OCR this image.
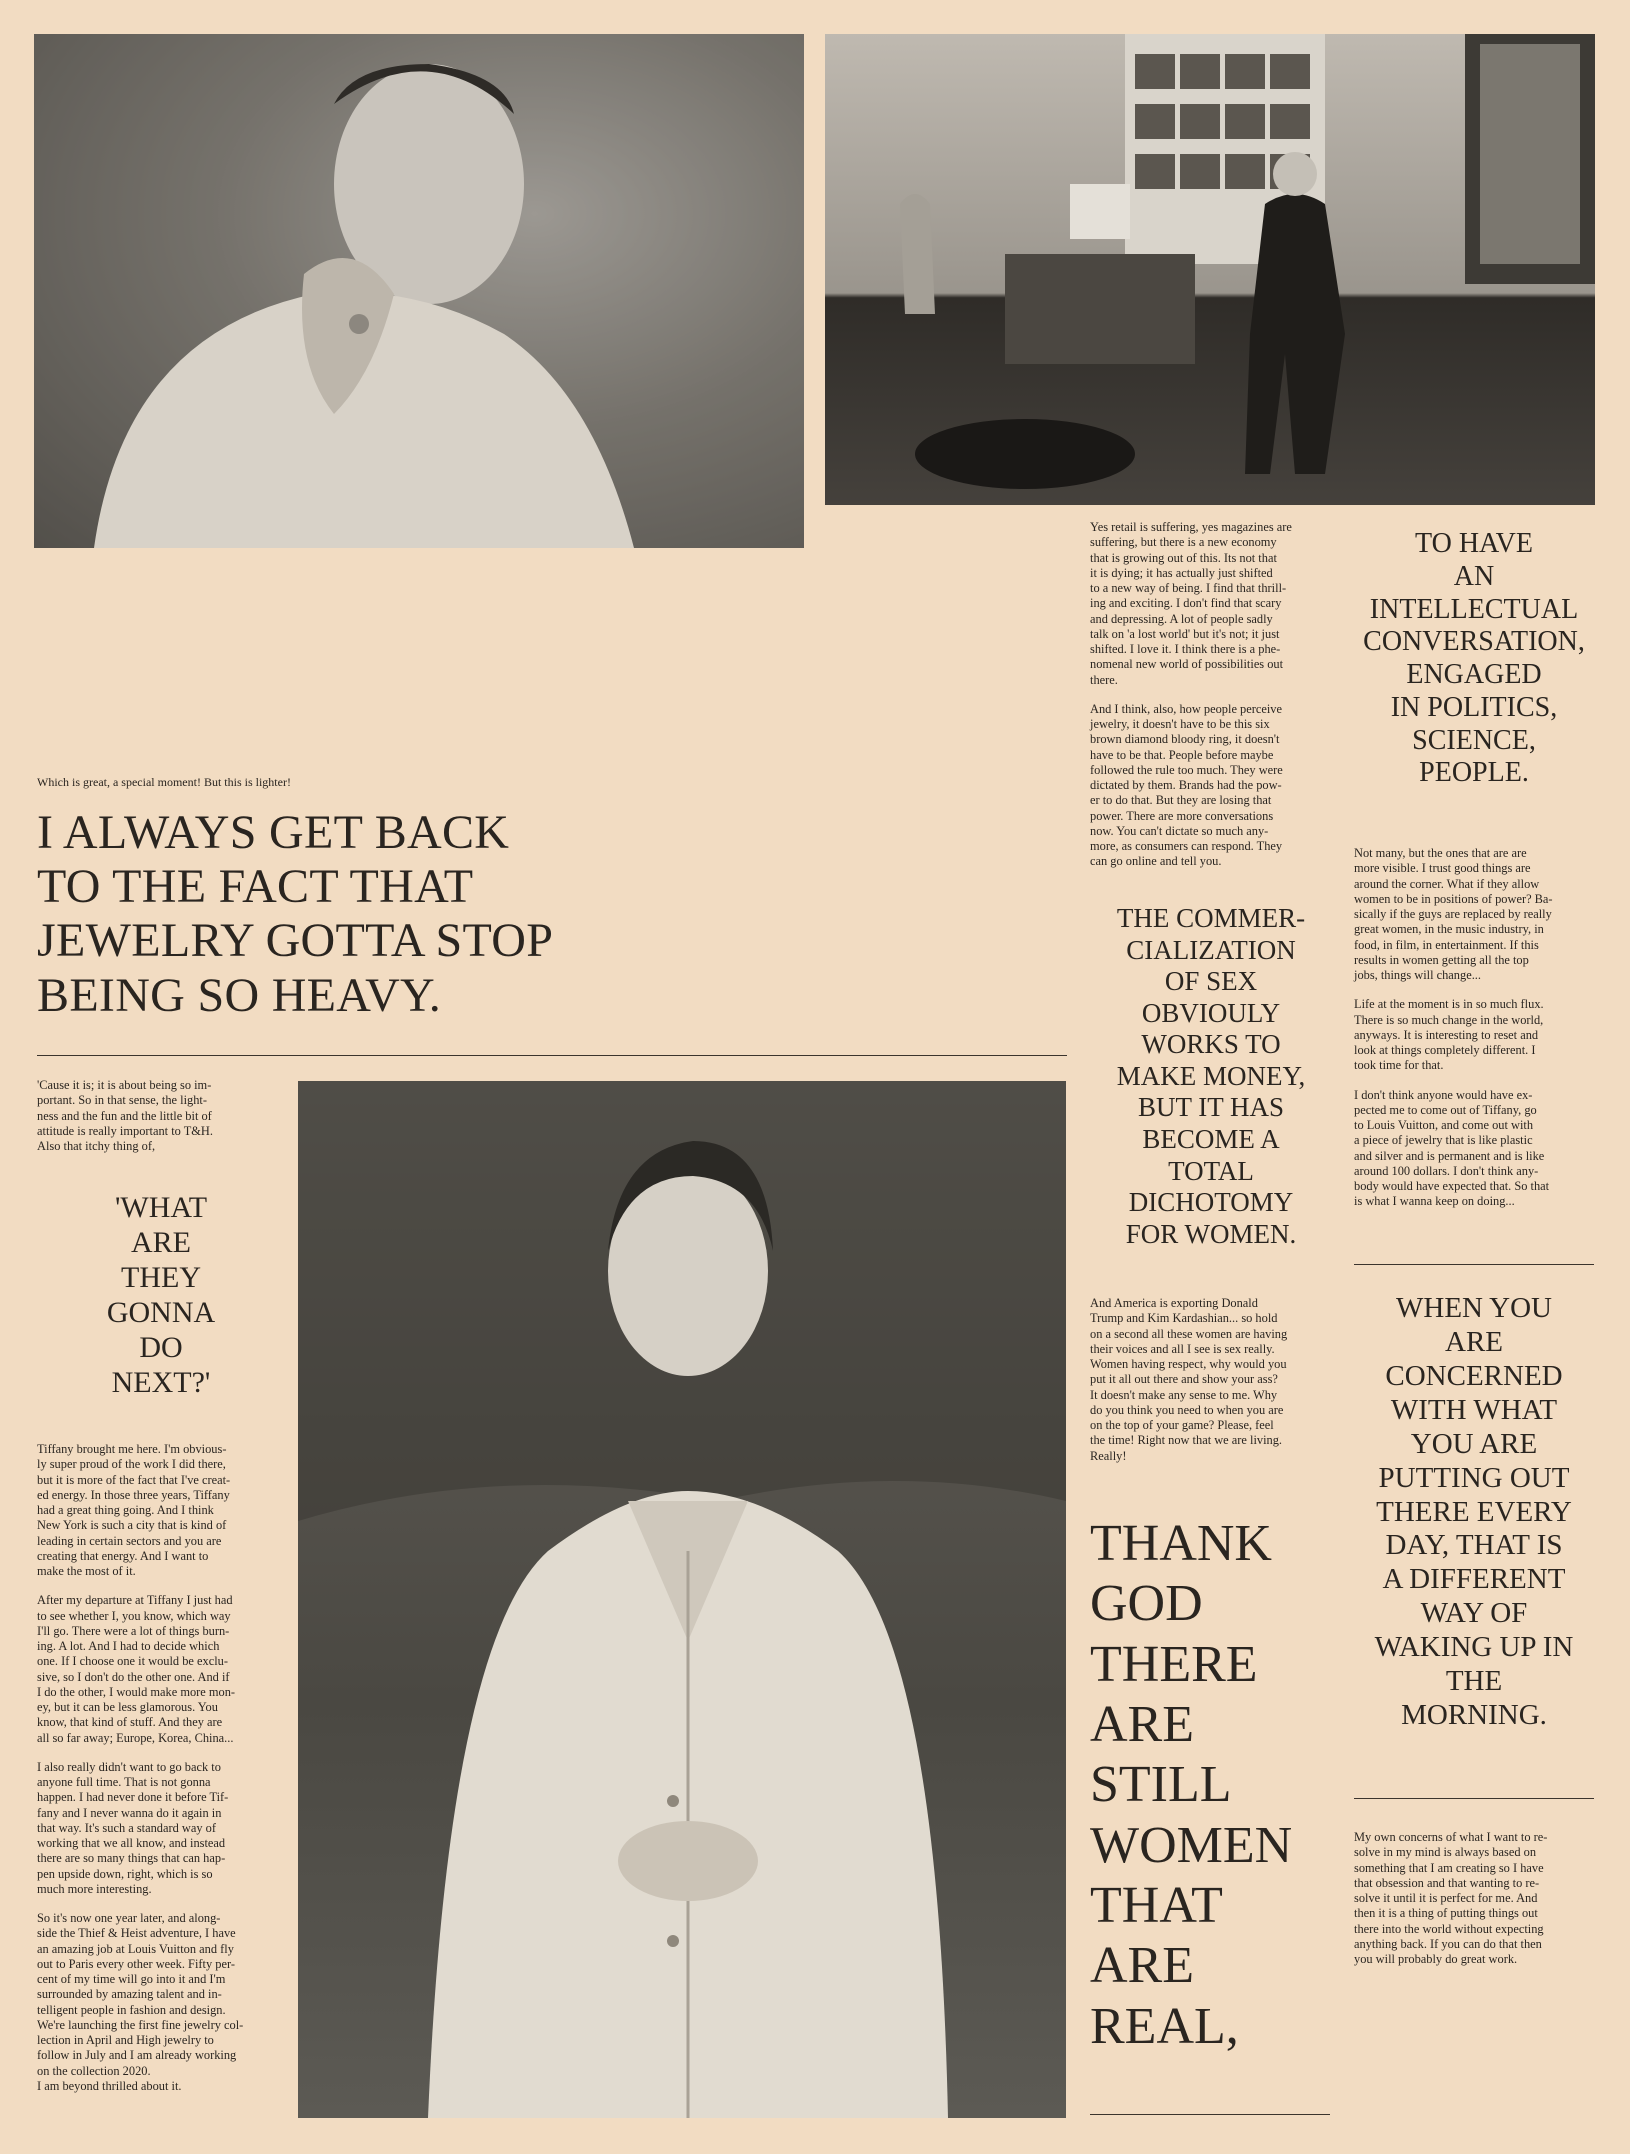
Which is great, a special moment! But this is lighter!

I ALWAYS GET BACK
TO THE FACT THAT
JEWELRY GOTTA STOP
BEING SO HEAVY.

'Cause it is; it is about being so im-
portant. So in that sense, the light-
ness and the fun and the little bit of
attitude is really important to T&H.
Also that itchy thing of,

'WHAT
ARE
THEY
GONNA
DO
NEXT?'

Tiffany brought me here. I'm obvious-
ly super proud of the work I did there,
but it is more of the fact that I've creat-
ed energy. In those three years, Tiffany
had a great thing going. And I think
New York is such a city that is kind of
leading in certain sectors and you are
creating that energy. And I want to
make the most of it.

After my departure at Tiffany I just had
to see whether I, you know, which way
I'll go. There were a lot of things burn-
ing. A lot. And I had to decide which
one. If I choose one it would be exclu-
sive, so I don't do the other one. And if
I do the other, I would make more mon-
ey, but it can be less glamorous. You
know, that kind of stuff. And they are
all so far away; Europe, Korea, China...

I also really didn't want to go back to
anyone full time. That is not gonna
happen. I had never done it before Tif-
fany and I never wanna do it again in
that way. It's such a standard way of
working that we all know, and instead
there are so many things that can hap-
pen upside down, right, which is so
much more interesting.

So it's now one year later, and along-
side the Thief & Heist adventure, I have
an amazing job at Louis Vuitton and fly
out to Paris every other week. Fifty per-
cent of my time will go into it and I'm
surrounded by amazing talent and in-
telligent people in fashion and design.
We're launching the first fine jewelry col-
lection in April and High jewelry to
follow in July and I am already working
on the collection 2020.
I am beyond thrilled about it.

Yes retail is suffering, yes magazines are
suffering, but there is a new economy
that is growing out of this. Its not that
it is dying; it has actually just shifted
to a new way of being. I find that thrill-
ing and exciting. I don't find that scary
and depressing. A lot of people sadly
talk on 'a lost world' but it's not; it just
shifted. I love it. I think there is a phe-
nomenal new world of possibilities out
there.

And I think, also, how people perceive
jewelry, it doesn't have to be this six
brown diamond bloody ring, it doesn't
have to be that. People before maybe
followed the rule too much. They were
dictated by them. Brands had the pow-
er to do that. But they are losing that
power. There are more conversations
now. You can't dictate so much any-
more, as consumers can respond. They
can go online and tell you.

THE COMMER-
CIALIZATION
OF SEX
OBVIOULY
WORKS TO
MAKE MONEY,
BUT IT HAS
BECOME A
TOTAL
DICHOTOMY
FOR WOMEN.

And America is exporting Donald
Trump and Kim Kardashian... so hold
on a second all these women are having
their voices and all I see is sex really.
Women having respect, why would you
put it all out there and show your ass?
It doesn't make any sense to me. Why
do you think you need to when you are
on the top of your game? Please, feel
the time! Right now that we are living.
Really!

THANK
GOD
THERE
ARE
STILL
WOMEN
THAT
ARE
REAL,

TO HAVE
AN
INTELLECTUAL
CONVERSATION,
ENGAGED
IN POLITICS,
SCIENCE,
PEOPLE.

Not many, but the ones that are are
more visible. I trust good things are
around the corner. What if they allow
women to be in positions of power? Ba-
sically if the guys are replaced by really
great women, in the music industry, in
food, in film, in entertainment. If this
results in women getting all the top
jobs, things will change...

Life at the moment is in so much flux.
There is so much change in the world,
anyways. It is interesting to reset and
look at things completely different. I
took time for that.

I don't think anyone would have ex-
pected me to come out of Tiffany, go
to Louis Vuitton, and come out with
a piece of jewelry that is like plastic
and silver and is permanent and is like
around 100 dollars. I don't think any-
body would have expected that. So that
is what I wanna keep on doing...

WHEN YOU
ARE
CONCERNED
WITH WHAT
YOU ARE
PUTTING OUT
THERE EVERY
DAY, THAT IS
A DIFFERENT
WAY OF
WAKING UP IN
THE
MORNING.

My own concerns of what I want to re-
solve in my mind is always based on
something that I am creating so I have
that obsession and that wanting to re-
solve it until it is perfect for me. And
then it is a thing of putting things out
there into the world without expecting
anything back. If you can do that then
you will probably do great work.
